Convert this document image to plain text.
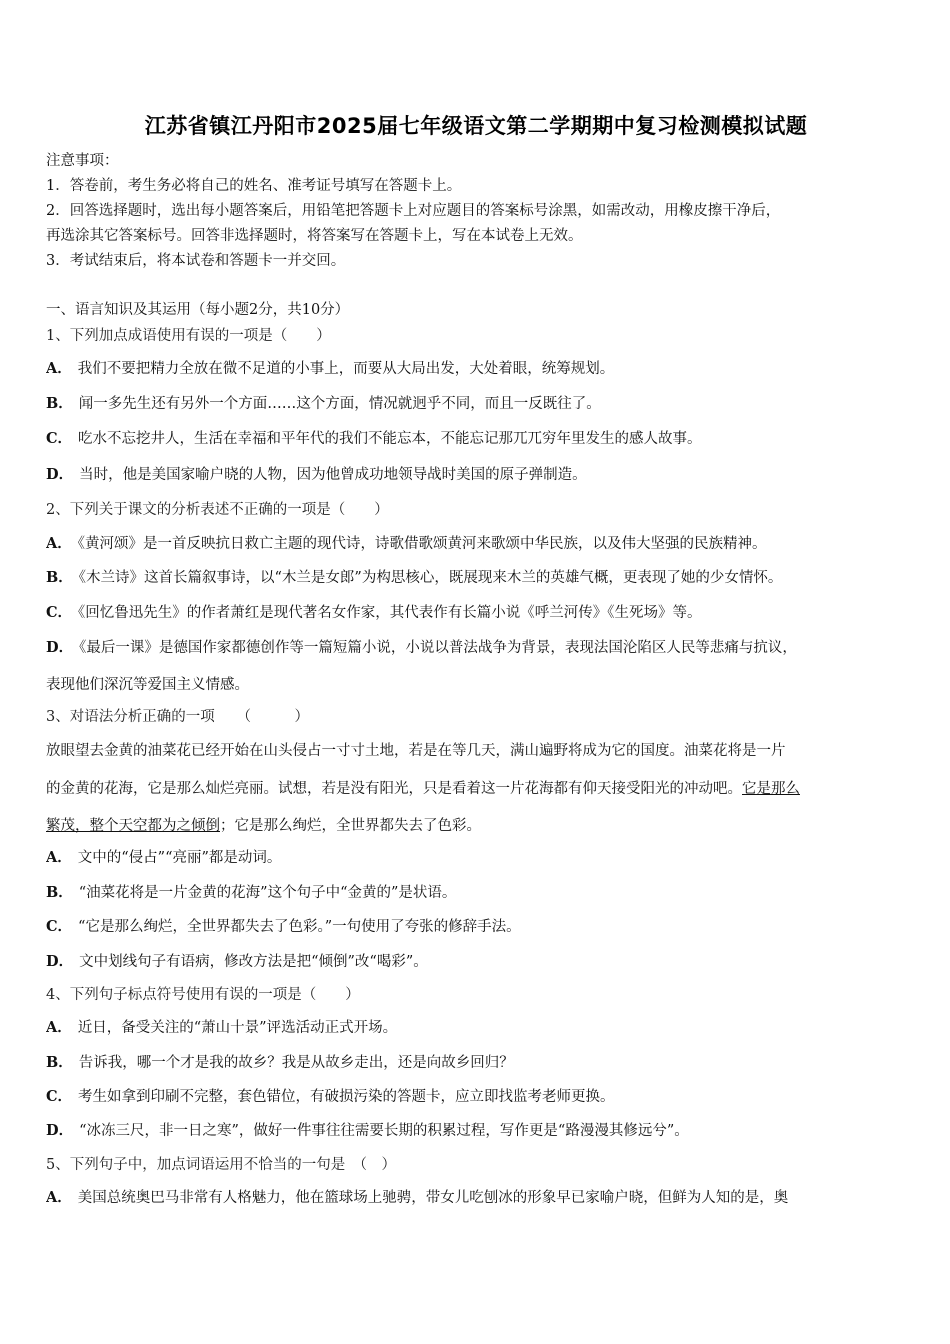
江苏省镇江丹阳市2025届七年级语文第二学期期中复习检测模拟试题
注意事项：
1．答卷前，考生务必将自己的姓名、准考证号填写在答题卡上。
2．回答选择题时，选出每小题答案后，用铅笔把答题卡上对应题目的答案标号涂黑，如需改动，用橡皮擦干净后，
再选涂其它答案标号。回答非选择题时，将答案写在答题卡上，写在本试卷上无效。
3．考试结束后，将本试卷和答题卡一并交回。
一、语言知识及其运用（每小题2分，共10分）
1、下列加点成语使用有误的一项是（　　）
A． 我们不要把精力全放在微不足道的小事上，而要从大局出发，大处着眼，统筹规划。
B． 闻一多先生还有另外一个方面……这个方面，情况就迥乎不同，而且一反既往了。
C． 吃水不忘挖井人，生活在幸福和平年代的我们不能忘本，不能忘记那兀兀穷年里发生的感人故事。
D． 当时，他是美国家喻户晓的人物，因为他曾成功地领导战时美国的原子弹制造。
2、下列关于课文的分析表述不正确的一项是（　　）
A． 《黄河颂》是一首反映抗日救亡主题的现代诗，诗歌借歌颂黄河来歌颂中华民族，以及伟大坚强的民族精神。
B． 《木兰诗》这首长篇叙事诗，以“木兰是女郎”为构思核心，既展现来木兰的英雄气概，更表现了她的少女情怀。
C． 《回忆鲁迅先生》的作者萧红是现代著名女作家，其代表作有长篇小说《呼兰河传》《生死场》等。
D． 《最后一课》是德国作家都德创作等一篇短篇小说，小说以普法战争为背景，表现法国沦陷区人民等悲痛与抗议，
表现他们深沉等爱国主义情感。
3、对语法分析正确的一项　　（　　　）
放眼望去金黄的油菜花已经开始在山头侵占一寸寸土地，若是在等几天，满山遍野将成为它的国度。油菜花将是一片
的金黄的花海，它是那么灿烂亮丽。试想，若是没有阳光，只是看着这一片花海都有仰天接受阳光的冲动吧。它是那么
繁茂，整个天空都为之倾倒；它是那么绚烂，全世界都失去了色彩。
A． 文中的“侵占”“亮丽”都是动词。
B． “油菜花将是一片金黄的花海”这个句子中“金黄的”是状语。
C． “它是那么绚烂，全世界都失去了色彩。”一句使用了夸张的修辞手法。
D． 文中划线句子有语病，修改方法是把“倾倒”改“喝彩”。
4、下列句子标点符号使用有误的一项是（　　）
A． 近日，备受关注的“萧山十景”评选活动正式开场。
B． 告诉我，哪一个才是我的故乡？我是从故乡走出，还是向故乡回归？
C． 考生如拿到印刷不完整，套色错位，有破损污染的答题卡，应立即找监考老师更换。
D． “冰冻三尺，非一日之寒”，做好一件事往往需要长期的积累过程，写作更是“路漫漫其修远兮”。
5、下列句子中，加点词语运用不恰当的一句是　（　）
A． 美国总统奥巴马非常有人格魅力，他在篮球场上驰骋，带女儿吃刨冰的形象早已家喻户晓，但鲜为人知的是，奥
